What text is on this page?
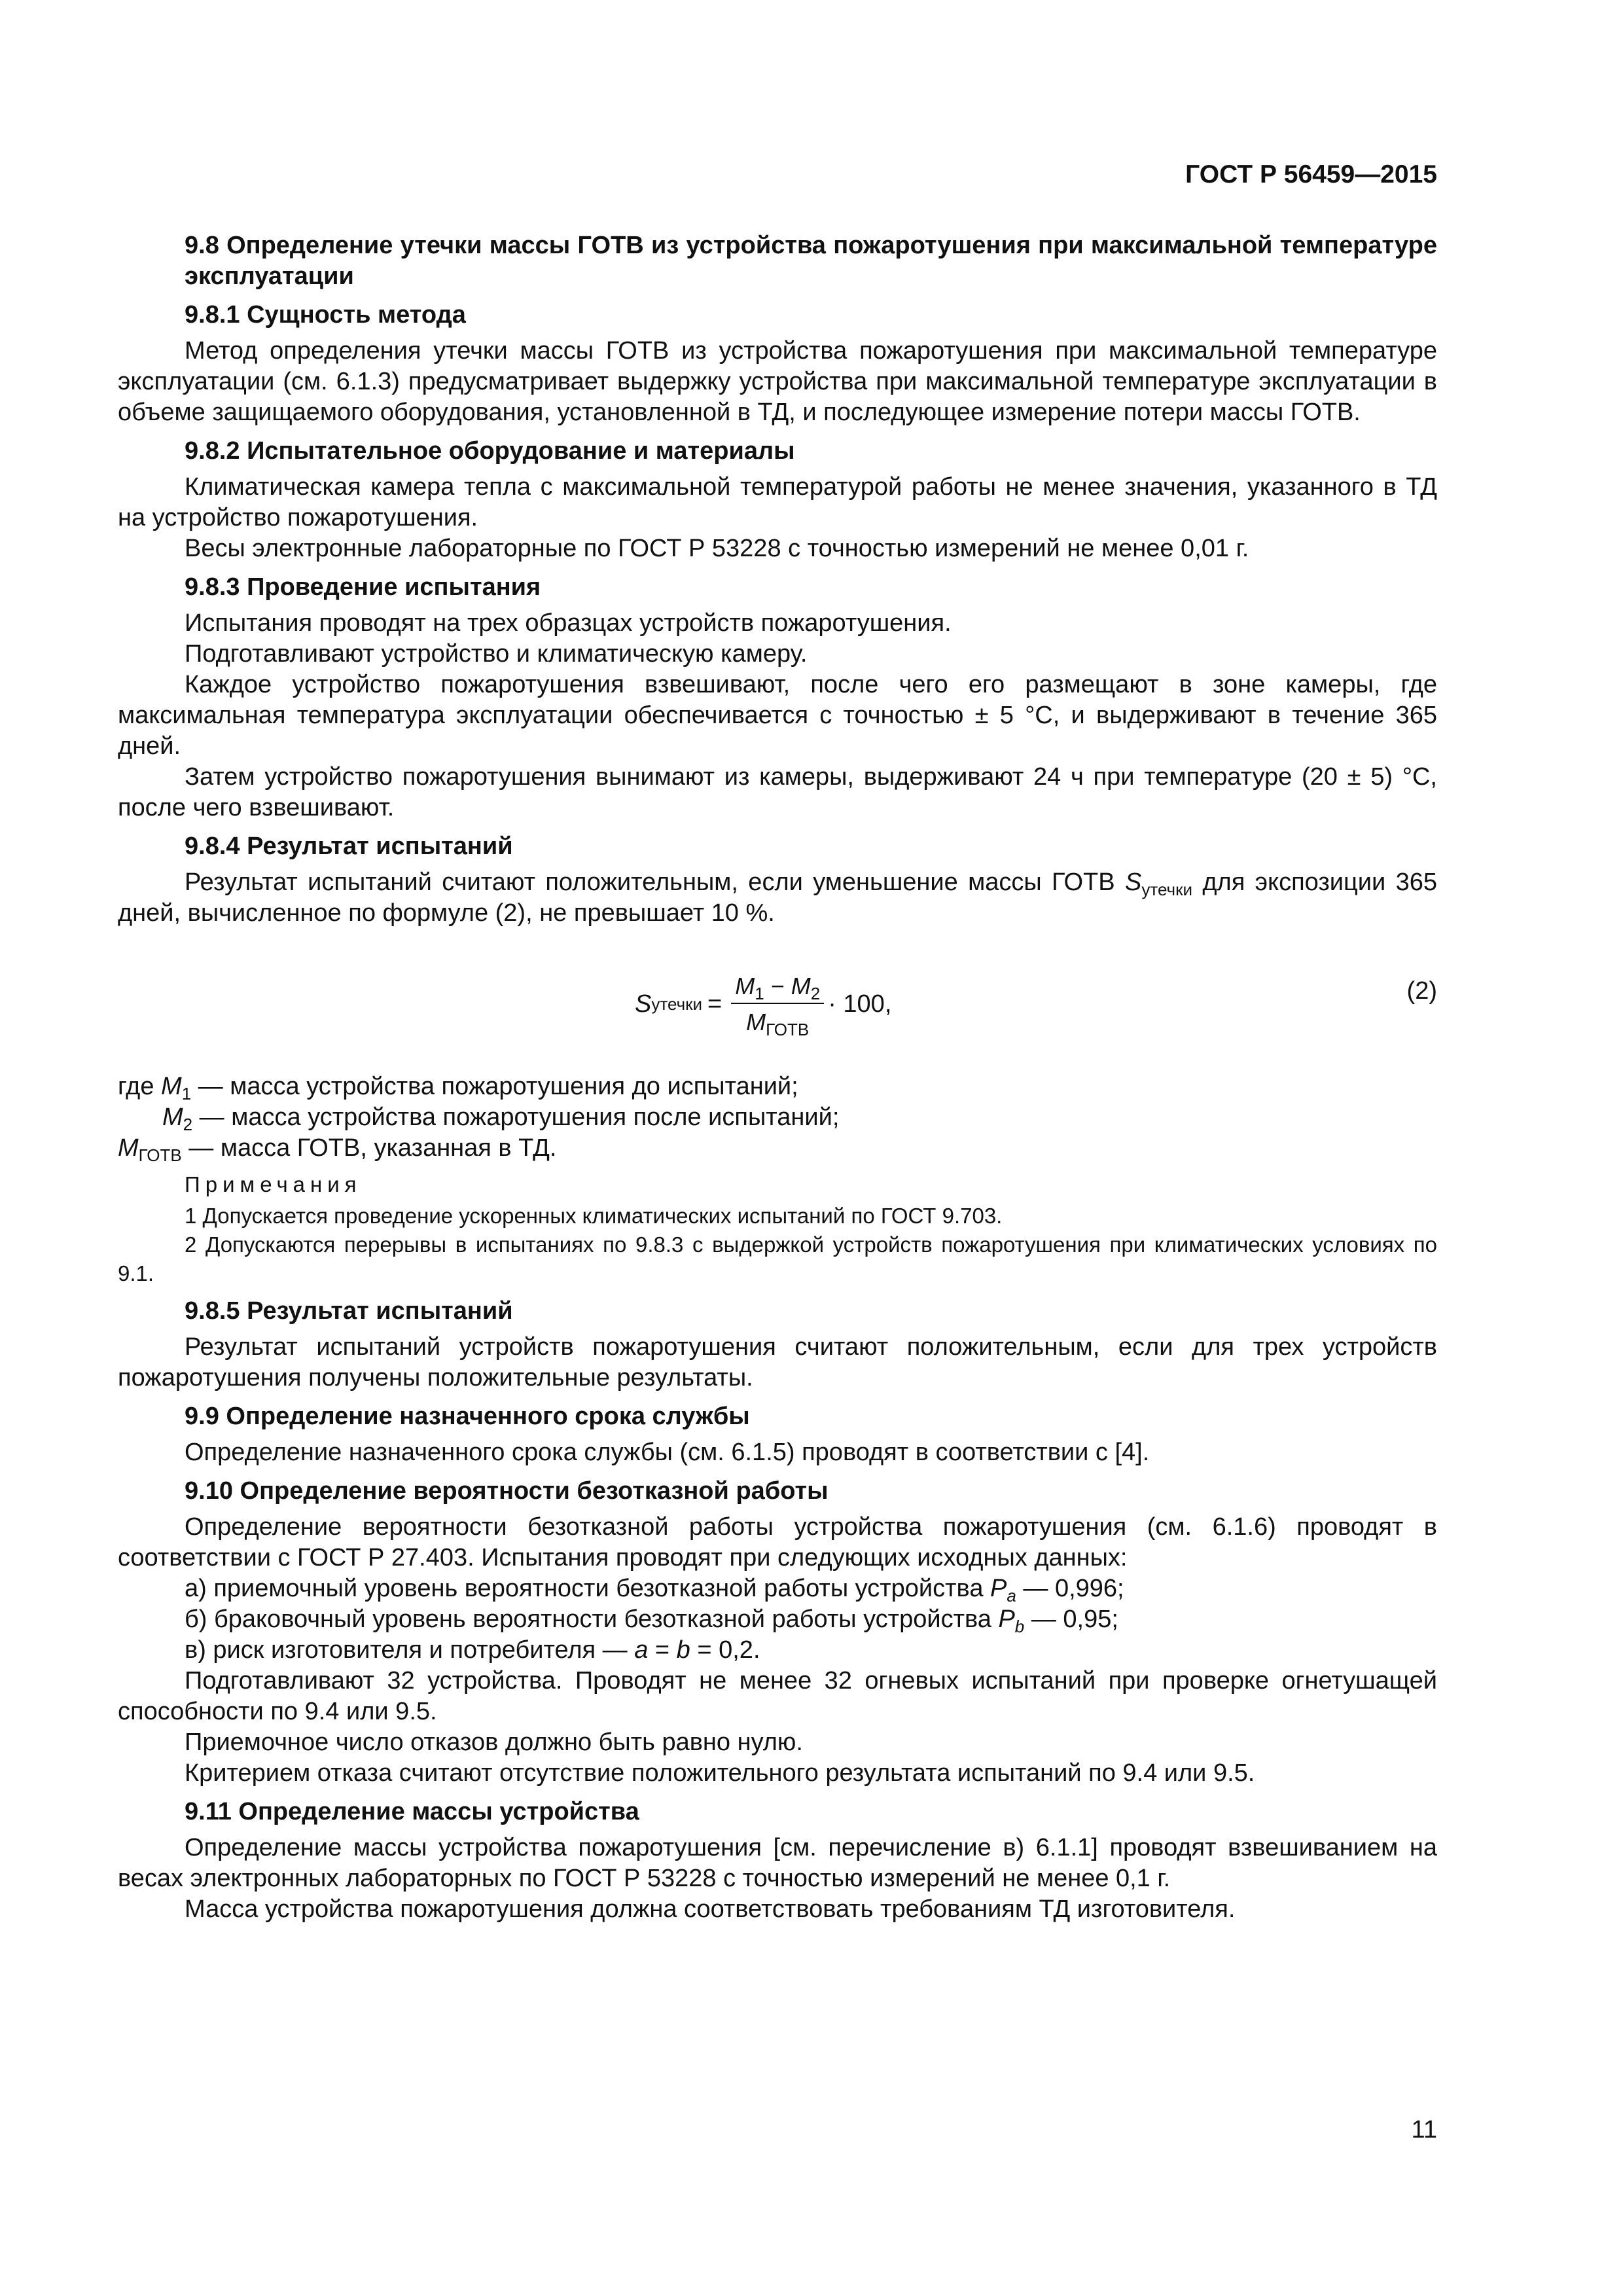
ГОСТ Р 56459—2015

9.8 Определение утечки массы ГОТВ из устройства пожаротушения при максимальной температуре эксплуатации

9.8.1 Сущность метода

Метод определения утечки массы ГОТВ из устройства пожаротушения при максимальной температуре эксплуатации (см. 6.1.3) предусматривает выдержку устройства при максимальной температуре эксплуатации в объеме защищаемого оборудования, установленной в ТД, и последующее измерение потери массы ГОТВ.

9.8.2 Испытательное оборудование и материалы

Климатическая камера тепла с максимальной температурой работы не менее значения, указанного в ТД на устройство пожаротушения.

Весы электронные лабораторные по ГОСТ Р 53228 с точностью измерений не менее 0,01 г.

9.8.3 Проведение испытания

Испытания проводят на трех образцах устройств пожаротушения.

Подготавливают устройство и климатическую камеру.

Каждое устройство пожаротушения взвешивают, после чего его размещают в зоне камеры, где максимальная температура эксплуатации обеспечивается с точностью ± 5 °С, и выдерживают в течение 365 дней.

Затем устройство пожаротушения вынимают из камеры, выдерживают 24 ч при температуре (20 ± 5) °С, после чего взвешивают.

9.8.4 Результат испытаний

Результат испытаний считают положительным, если уменьшение массы ГОТВ $S_{утечки}$ для экспозиции 365 дней, вычисленное по формуле (2), не превышает 10 %.

S утечки = $\frac{M_1 - M_2}{M_{ГОТВ}} \cdot 100$,	(2)

где $M_1$ — масса устройства пожаротушения до испытаний;

$M_2$ — масса устройства пожаротушения после испытаний;

$M_{ГОТВ}$ — масса ГОТВ, указанная в ТД.

Примечания

1 Допускается проведение ускоренных климатических испытаний по ГОСТ 9.703.

2 Допускаются перерывы в испытаниях по 9.8.3 с выдержкой устройств пожаротушения при климатических условиях по 9.1.

9.8.5 Результат испытаний

Результат испытаний устройств пожаротушения считают положительным, если для трех устройств пожаротушения получены положительные результаты.

9.9 Определение назначенного срока службы

Определение назначенного срока службы (см. 6.1.5) проводят в соответствии с [4].

9.10 Определение вероятности безотказной работы

Определение вероятности безотказной работы устройства пожаротушения (см. 6.1.6) проводят в соответствии с ГОСТ Р 27.403. Испытания проводят при следующих исходных данных:

а) приемочный уровень вероятности безотказной работы устройства $P_a$ — 0,996;

б) браковочный уровень вероятности безотказной работы устройства $P_b$ — 0,95;

в) риск изготовителя и потребителя — a = b = 0,2.

Подготавливают 32 устройства. Проводят не менее 32 огневых испытаний при проверке огнетушащей способности по 9.4 или 9.5.

Приемочное число отказов должно быть равно нулю.

Критерием отказа считают отсутствие положительного результата испытаний по 9.4 или 9.5.

9.11 Определение массы устройства

Определение массы устройства пожаротушения [см. перечисление в) 6.1.1] проводят взвешиванием на весах электронных лабораторных по ГОСТ Р 53228 с точностью измерений не менее 0,1 г.

Масса устройства пожаротушения должна соответствовать требованиям ТД изготовителя.

11
